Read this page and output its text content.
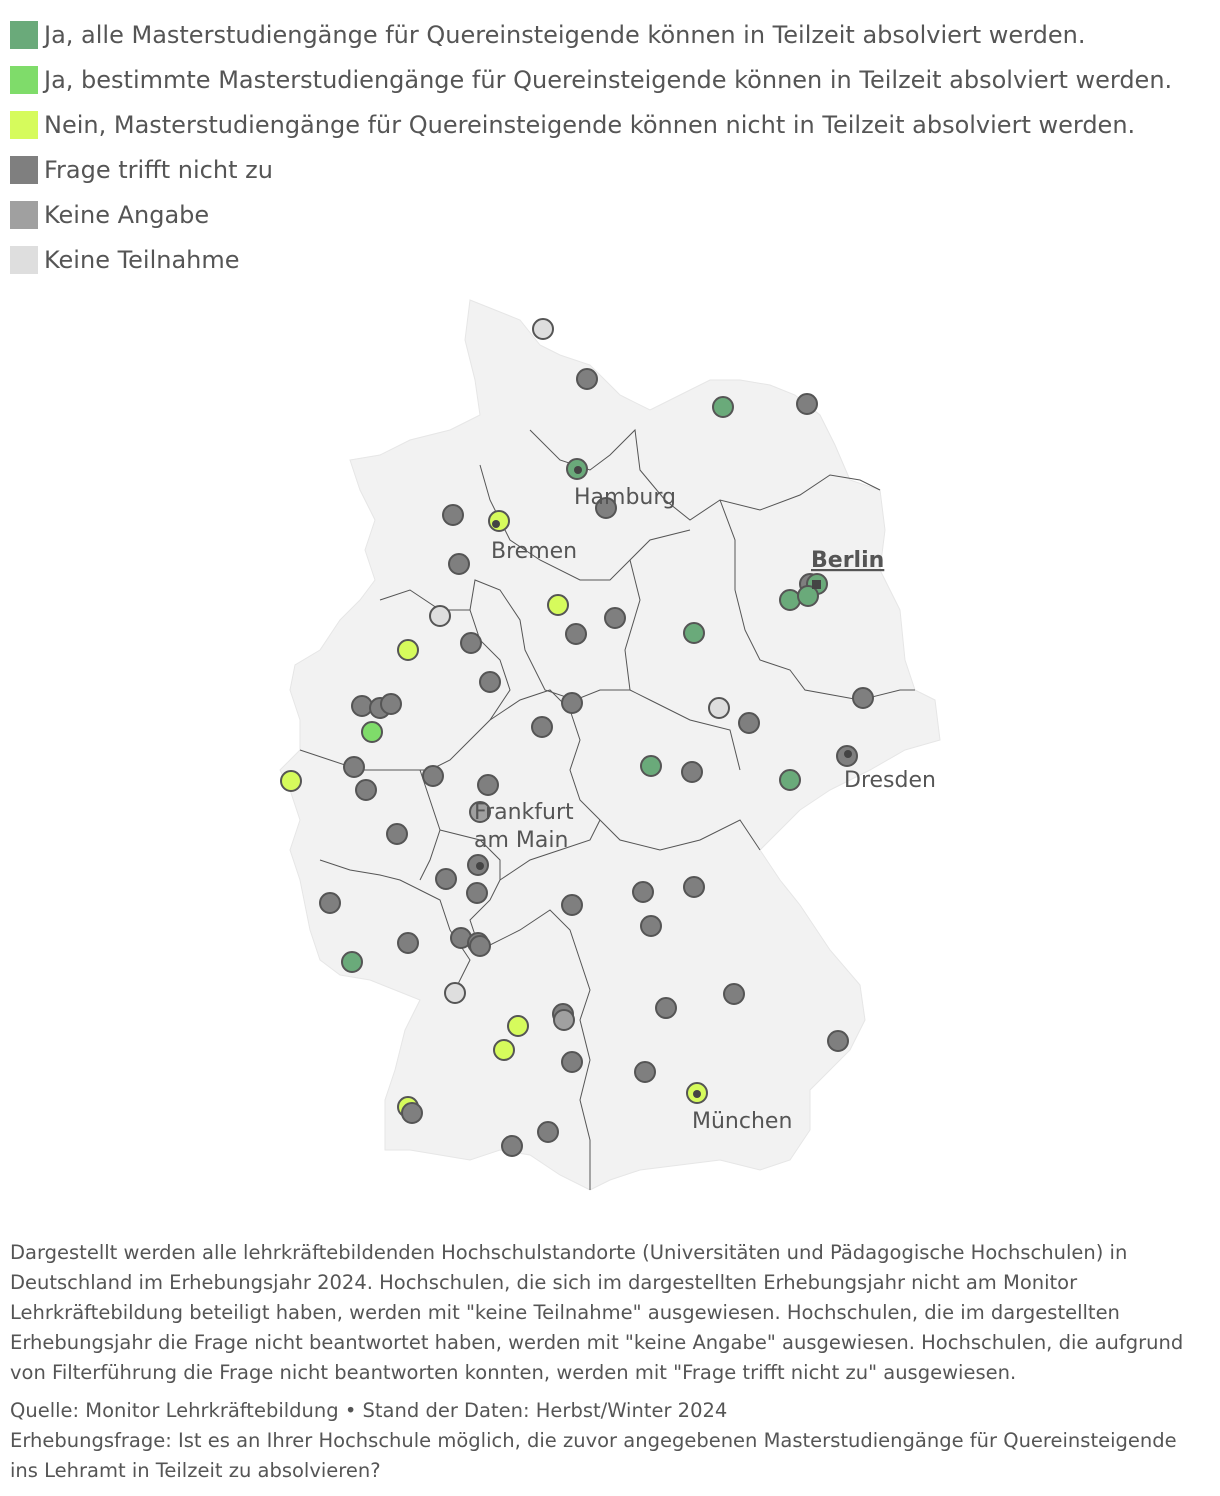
Ja, alle Masterstudiengänge für Quereinsteigende können in Teilzeit absolviert werden.
Ja, bestimmte Masterstudiengänge für Quereinsteigende können in Teilzeit absolviert werden.
Nein, Masterstudiengänge für Quereinsteigende können nicht in Teilzeit absolviert werden.
Frage trifft nicht zu
Keine Angabe
Keine Teilnahme
Hamburg
Bremen	Berlin
Dresden
Frankfurt am Main
München

Dargestellt werden alle lehrkräftebildenden Hochschulstandorte (Universitäten und Pädagogische Hochschulen) in Deutschland im Erhebungsjahr 2024. Hochschulen, die sich im dargestellten Erhebungsjahr nicht am Monitor Lehrkräftebildung beteiligt haben, werden mit "keine Teilnahme" ausgewiesen. Hochschulen, die im dargestellten Erhebungsjahr die Frage nicht beantwortet haben, werden mit "keine Angabe" ausgewiesen. Hochschulen, die aufgrund von Filterführung die Frage nicht beantworten konnten, werden mit "Frage trifft nicht zu" ausgewiesen.

Quelle: Monitor Lehrkräftebildung • Stand der Daten: Herbst/Winter 2024

Erhebungsfrage: Ist es an Ihrer Hochschule möglich, die zuvor angegebenen Masterstudiengänge für Quereinsteigende ins Lehramt in Teilzeit zu absolvieren?
